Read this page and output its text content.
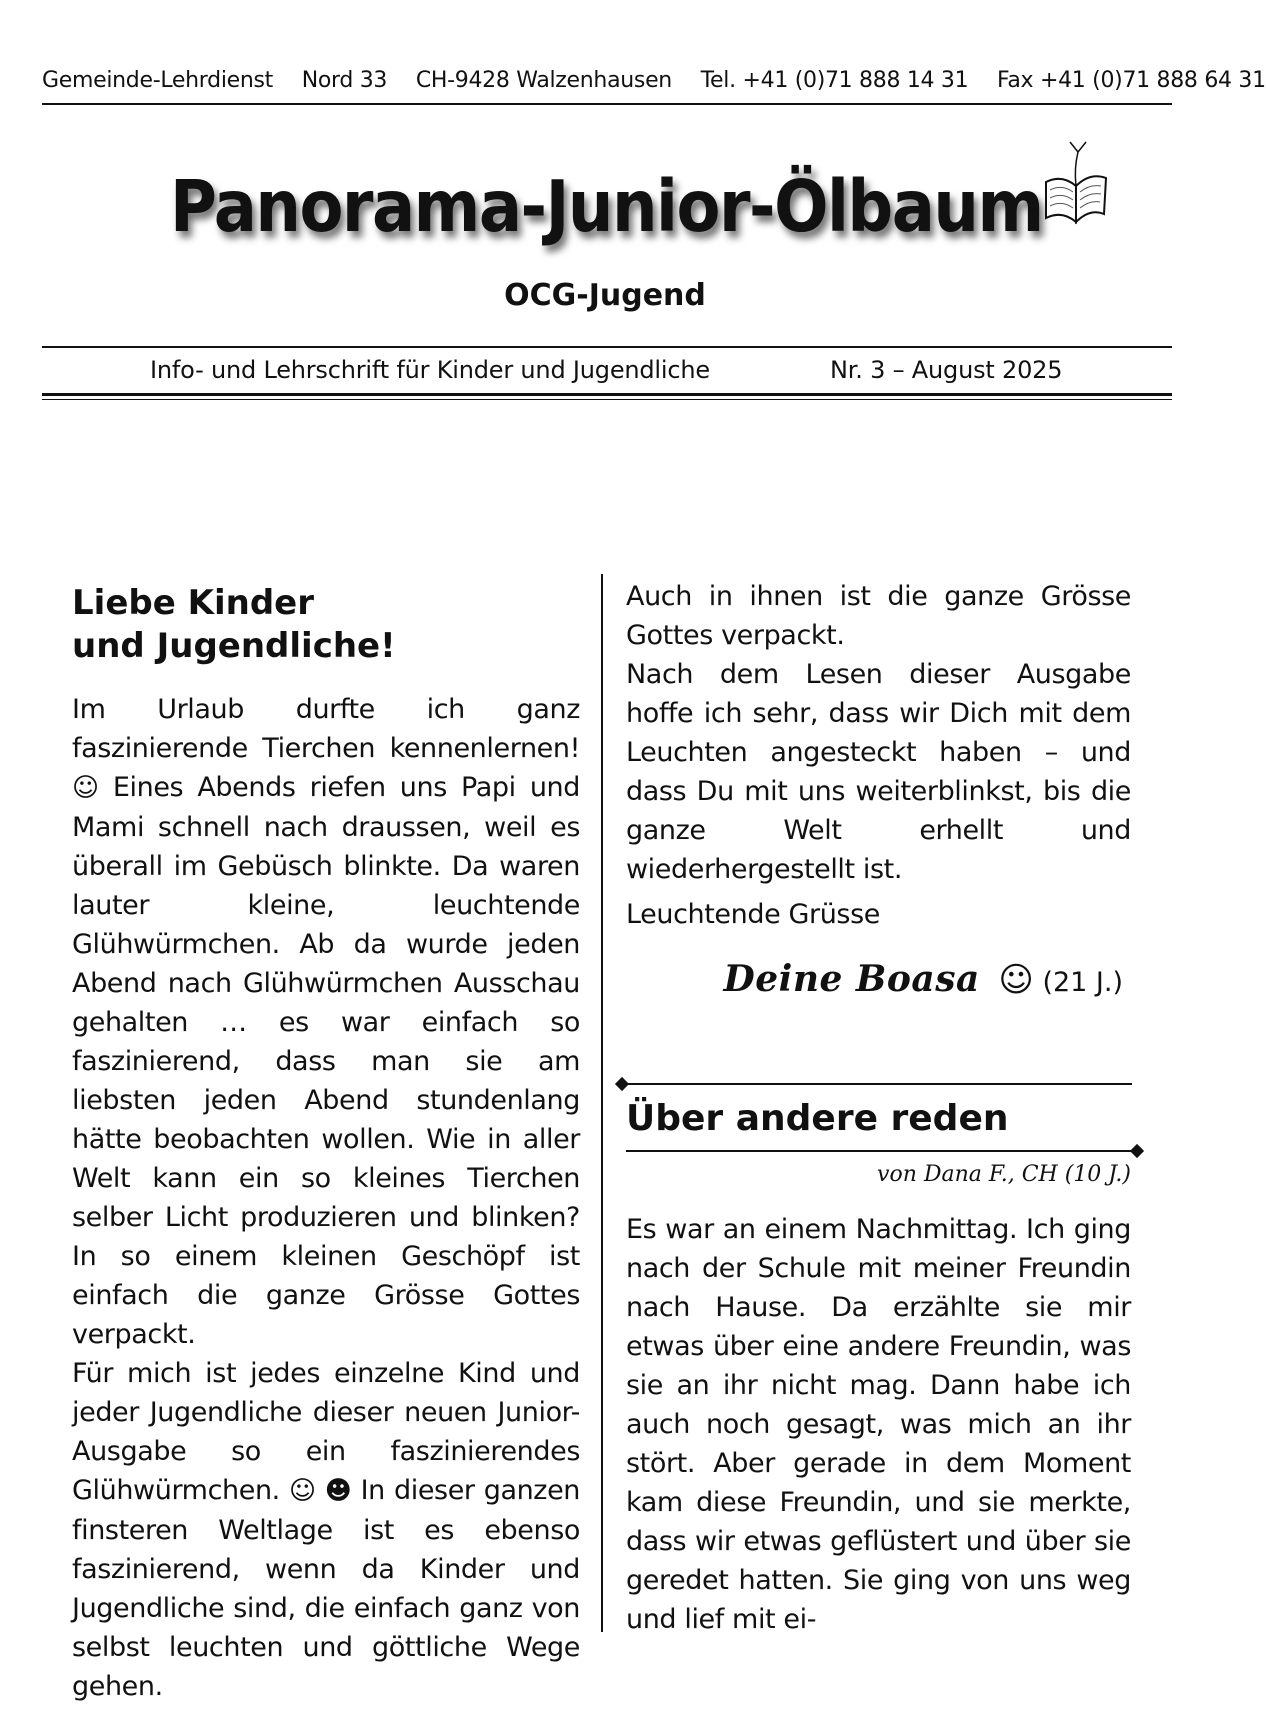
Gemeinde-Lehrdienst Nord 33 CH-9428 Walzenhausen Tel. +41 (0)71 888 14 31 Fax +41 (0)71 888 64 31
Panorama-Junior-Ölbaum
OCG-Jugend
Info- und Lehrschrift für Kinder und Jugendliche	Nr. 3 – August 2025
Liebe Kinder
und Jugendliche!

Im Urlaub durfte ich ganz faszinierende Tierchen kennenlernen! ☺ Eines Abends riefen uns Papi und Mami schnell nach draussen, weil es überall im Gebüsch blinkte. Da waren lauter kleine, leuchtende Glühwürmchen. Ab da wurde jeden Abend nach Glühwürmchen Ausschau gehalten … es war einfach so faszinierend, dass man sie am liebsten jeden Abend stundenlang hätte beobachten wollen. Wie in aller Welt kann ein so kleines Tierchen selber Licht produzieren und blinken? In so einem kleinen Geschöpf ist einfach die ganze Grösse Gottes verpackt.

Für mich ist jedes einzelne Kind und jeder Jugendliche dieser neuen Junior-Ausgabe so ein faszinierendes Glühwürmchen. ☺ ☻ In dieser ganzen finsteren Weltlage ist es ebenso faszinierend, wenn da Kinder und Jugendliche sind, die einfach ganz von selbst leuchten und göttliche Wege gehen.

Auch in ihnen ist die ganze Grösse Gottes verpackt.

Nach dem Lesen dieser Ausgabe hoffe ich sehr, dass wir Dich mit dem Leuchten angesteckt haben – und dass Du mit uns weiterblinkst, bis die ganze Welt erhellt und wiederhergestellt ist.

Leuchtende Grüsse

Deine Boasa ☺ (21 J.)
Über andere reden
von Dana F., CH (10 J.)

Es war an einem Nachmittag. Ich ging nach der Schule mit meiner Freundin nach Hause. Da erzählte sie mir etwas über eine andere Freundin, was sie an ihr nicht mag. Dann habe ich auch noch gesagt, was mich an ihr stört. Aber gerade in dem Moment kam diese Freundin, und sie merkte, dass wir etwas geflüstert und über sie geredet hatten. Sie ging von uns weg und lief mit ei-
